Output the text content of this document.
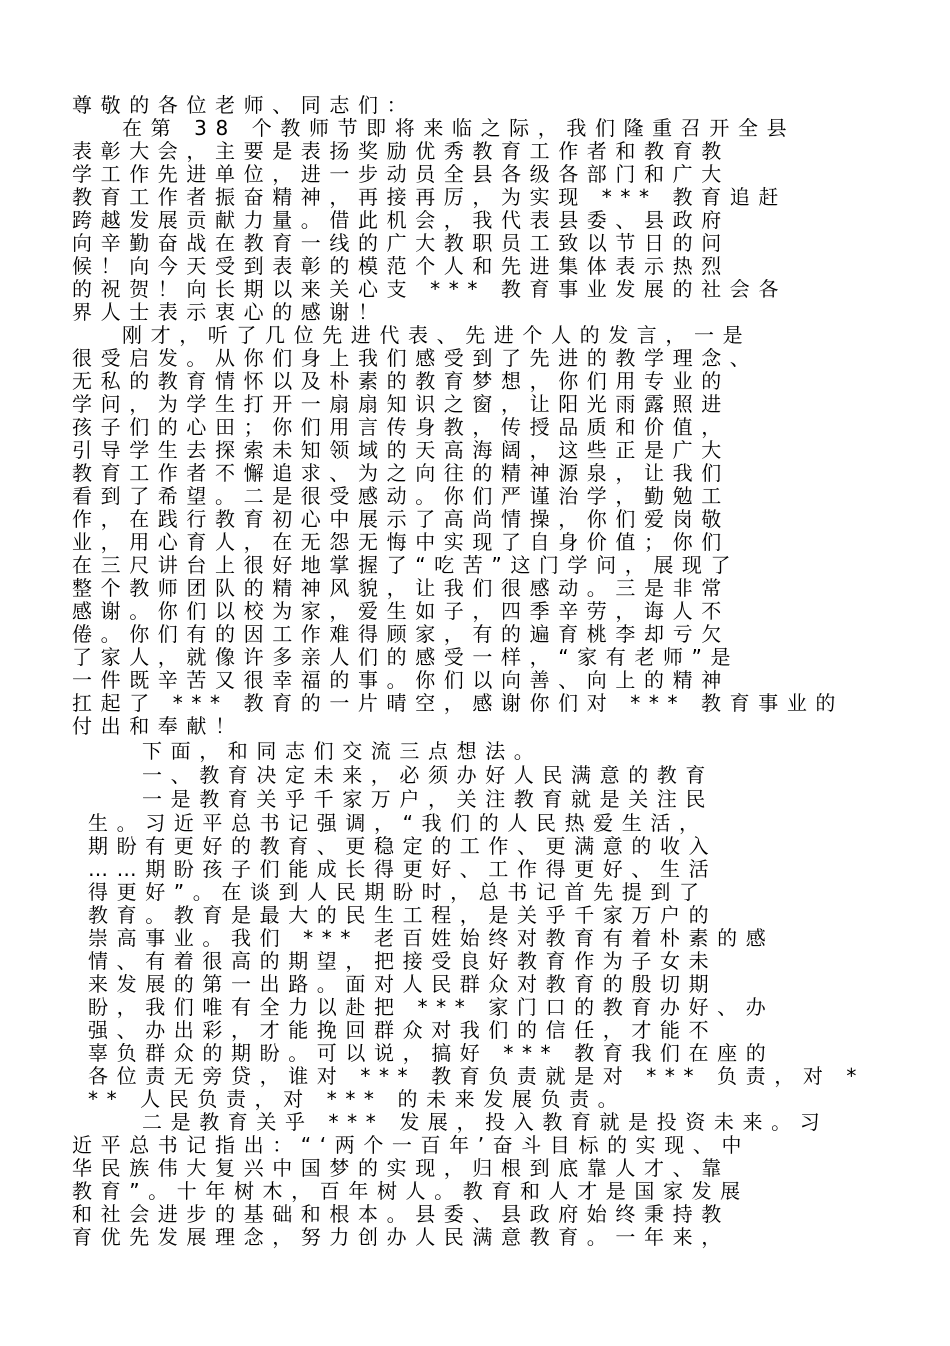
尊敬的各位老师、同志们：
在第 38 个教师节即将来临之际，我们隆重召开全县
表彰大会，主要是表扬奖励优秀教育工作者和教育教
学工作先进单位，进一步动员全县各级各部门和广大
教育工作者振奋精神，再接再厉，为实现 *** 教育追赶
跨越发展贡献力量。借此机会，我代表县委、县政府
向辛勤奋战在教育一线的广大教职员工致以节日的问
候！向今天受到表彰的模范个人和先进集体表示热烈
的祝贺！向长期以来关心支 *** 教育事业发展的社会各
界人士表示衷心的感谢！
刚才，听了几位先进代表、先进个人的发言，一是
很受启发。从你们身上我们感受到了先进的教学理念、
无私的教育情怀以及朴素的教育梦想，你们用专业的
学问，为学生打开一扇扇知识之窗，让阳光雨露照进
孩子们的心田；你们用言传身教，传授品质和价值，
引导学生去探索未知领域的天高海阔，这些正是广大
教育工作者不懈追求、为之向往的精神源泉，让我们
看到了希望。二是很受感动。你们严谨治学，勤勉工
作，在践行教育初心中展示了高尚情操，你们爱岗敬
业，用心育人，在无怨无悔中实现了自身价值；你们
在三尺讲台上很好地掌握了“吃苦”这门学问，展现了
整个教师团队的精神风貌，让我们很感动。三是非常
感谢。你们以校为家，爱生如子，四季辛劳，诲人不
倦。你们有的因工作难得顾家，有的遍育桃李却亏欠
了家人，就像许多亲人们的感受一样，“家有老师”是
一件既辛苦又很幸福的事。你们以向善、向上的精神
扛起了 *** 教育的一片晴空，感谢你们对 *** 教育事业的
付出和奉献！
下面，和同志们交流三点想法。
一、教育决定未来，必须办好人民满意的教育
一是教育关乎千家万户，关注教育就是关注民
生。习近平总书记强调，“我们的人民热爱生活，
期盼有更好的教育、更稳定的工作、更满意的收入
……期盼孩子们能成长得更好、工作得更好、生活
得更好”。在谈到人民期盼时，总书记首先提到了
教育。教育是最大的民生工程，是关乎千家万户的
崇高事业。我们 *** 老百姓始终对教育有着朴素的感
情、有着很高的期望，把接受良好教育作为子女未
来发展的第一出路。面对人民群众对教育的殷切期
盼，我们唯有全力以赴把 *** 家门口的教育办好、办
强、办出彩，才能挽回群众对我们的信任，才能不
辜负群众的期盼。可以说，搞好 *** 教育我们在座的
各位责无旁贷，谁对 *** 教育负责就是对 *** 负责，对 *
** 人民负责，对 *** 的未来发展负责。
二是教育关乎 *** 发展，投入教育就是投资未来。习
近平总书记指出：“‘两个一百年’奋斗目标的实现、中
华民族伟大复兴中国梦的实现，归根到底靠人才、靠
教育”。十年树木，百年树人。教育和人才是国家发展
和社会进步的基础和根本。县委、县政府始终秉持教
育优先发展理念，努力创办人民满意教育。一年来，
